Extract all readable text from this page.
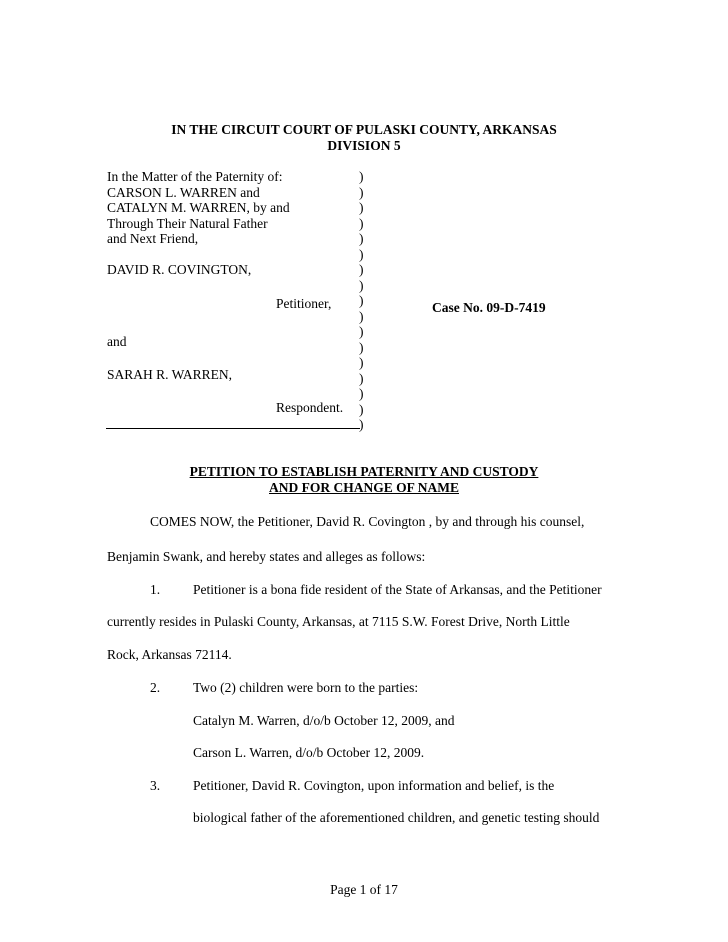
IN THE CIRCUIT COURT OF PULASKI COUNTY, ARKANSAS
DIVISION 5
In the Matter of the Paternity of:
CARSON L. WARREN and
CATALYN M. WARREN, by and
Through Their Natural Father
and Next Friend,
DAVID R. COVINGTON,
Petitioner,
and
SARAH R. WARREN,
Respondent.
)
)
)
)
)
)
)
)
)
)
)
)
)
)
)
)
)
Case No. 09-D-7419
PETITION TO ESTABLISH PATERNITY AND CUSTODY
AND FOR CHANGE OF NAME
COMES NOW, the Petitioner, David R. Covington , by and through his counsel,
Benjamin Swank, and hereby states and alleges as follows:
1. Petitioner is a bona fide resident of the State of Arkansas, and the Petitioner
currently resides in Pulaski County, Arkansas, at 7115 S.W. Forest Drive, North Little
Rock, Arkansas 72114.
2. Two (2) children were born to the parties:
Catalyn M. Warren, d/o/b October 12, 2009, and
Carson L. Warren, d/o/b October 12, 2009.
3. Petitioner, David R. Covington, upon information and belief, is the
biological father of the aforementioned children, and genetic testing should
Page 1 of 17
